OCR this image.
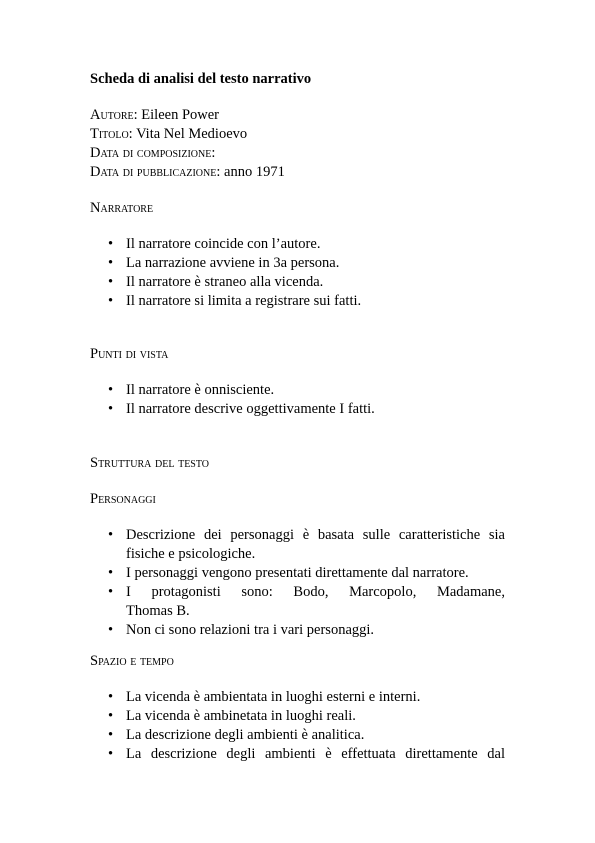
Scheda di analisi del testo narrativo

Autore: Eileen Power

Titolo: Vita Nel Medioevo

Data di composizione:

Data di pubblicazione: anno 1971

Narratore

• Il narratore coincide con l’autore.
• La narrazione avviene in 3a persona.
• Il narratore è straneo alla vicenda.
• Il narratore si limita a registrare sui fatti.

Punti di vista

• Il narratore è onnisciente.
• Il narratore descrive oggettivamente I fatti.

Struttura del testo

Personaggi

• Descrizione dei personaggi è basata sulle caratteristiche sia fisiche e psicologiche.
• I personaggi vengono presentati direttamente dal narratore.
• I protagonisti sono: Bodo, Marcopolo, Madamane,
Thomas B.
• Non ci sono relazioni tra i vari personaggi.

Spazio e tempo

• La vicenda è ambientata in luoghi esterni e interni.
• La vicenda è ambinetata in luoghi reali.
• La descrizione degli ambienti è analitica.
• La descrizione degli ambienti è effettuata direttamente dal
